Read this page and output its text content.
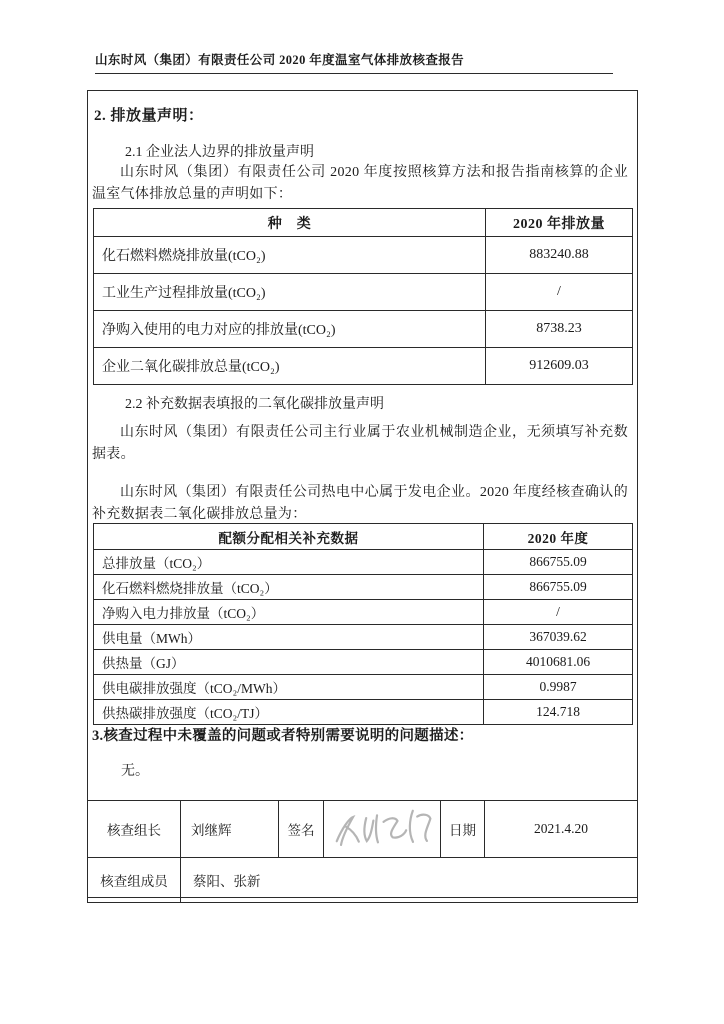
山东时风（集团）有限责任公司 2020 年度温室气体排放核查报告
2. 排放量声明：
2.1 企业法人边界的排放量声明
山东时风（集团）有限责任公司 2020 年度按照核算方法和报告指南核算的企业温室气体排放总量的声明如下：
种　类	2020 年排放量
化石燃料燃烧排放量(tCO₂)	883240.88
工业生产过程排放量(tCO₂)	/
净购入使用的电力对应的排放量(tCO₂)	8738.23
企业二氧化碳排放总量(tCO₂)	912609.03
2.2 补充数据表填报的二氧化碳排放量声明
山东时风（集团）有限责任公司主行业属于农业机械制造企业，无须填写补充数据表。
山东时风（集团）有限责任公司热电中心属于发电企业。2020 年度经核查确认的补充数据表二氧化碳排放总量为：
配额分配相关补充数据	2020 年度
总排放量（tCO₂）	866755.09
化石燃料燃烧排放量（tCO₂）	866755.09
净购入电力排放量（tCO₂）	/
供电量（MWh）	367039.62
供热量（GJ）	4010681.06
供电碳排放强度（tCO₂/MWh）	0.9987
供热碳排放强度（tCO₂/TJ）	124.718
3.核查过程中未覆盖的问题或者特别需要说明的问题描述：
无。
核查组长	刘继辉	签名		日期	2021.4.20
核查组成员	蔡阳、张新				
